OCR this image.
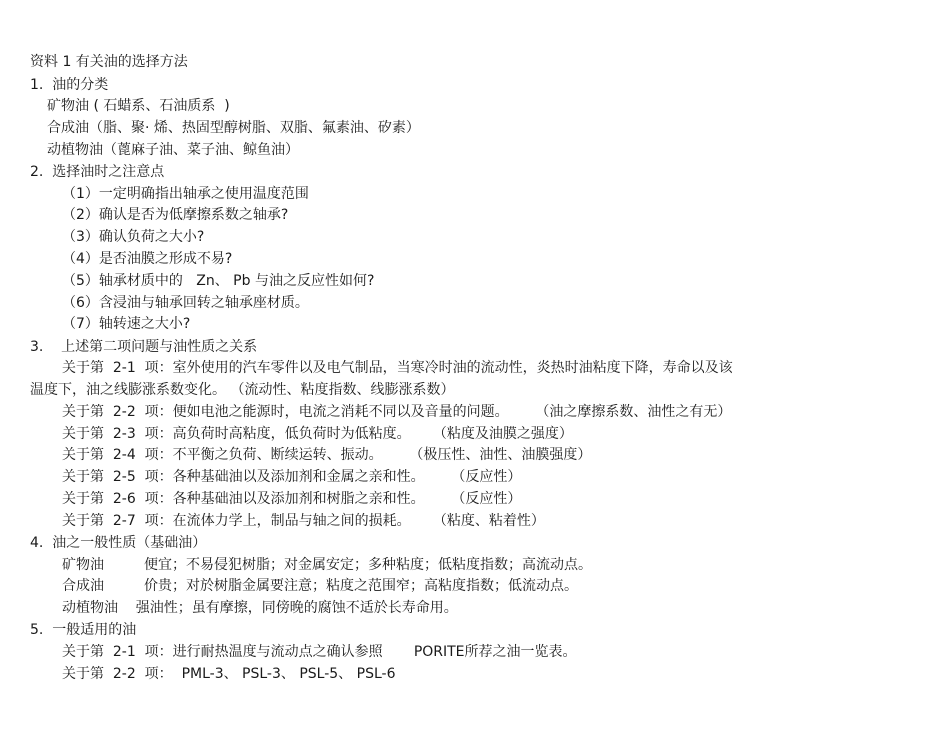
资料 1 有关油的选择方法
1.  油的分类
矿物油 ( 石蜡系、石油质系  )
合成油（脂、聚· 烯、热固型醇树脂、双脂、氟素油、矽素）
动植物油（蓖麻子油、菜子油、鲸鱼油）
2.  选择油时之注意点
（1）一定明确指出轴承之使用温度范围
（2）确认是否为低摩擦系数之轴承?
（3）确认负荷之大小?
（4）是否油膜之形成不易?
（5）轴承材质中的   Zn、 Pb 与油之反应性如何?
（6）含浸油与轴承回转之轴承座材质。
（7）轴转速之大小?
3.    上述第二项问题与油性质之关系
关于第  2-1  项：室外使用的汽车零件以及电气制品，当寒冷时油的流动性，炎热时油粘度下降，寿命以及该
温度下，油之线膨涨系数变化。 （流动性、粘度指数、线膨涨系数）
关于第  2-2  项：便如电池之能源时，电流之消耗不同以及音量的问题。      （油之摩擦系数、油性之有无）
关于第  2-3  项：高负荷时高粘度，低负荷时为低粘度。     （粘度及油膜之强度）
关于第  2-4  项：不平衡之负荷、断续运转、振动。      （极压性、油性、油膜强度）
关于第  2-5  项：各种基础油以及添加剂和金属之亲和性。      （反应性）
关于第  2-6  项：各种基础油以及添加剂和树脂之亲和性。      （反应性）
关于第  2-7  项：在流体力学上，制品与轴之间的损耗。     （粘度、粘着性）
4.  油之一般性质（基础油）
矿物油         便宜；不易侵犯树脂；对金属安定；多种粘度；低粘度指数；高流动点。
合成油         价贵；对於树脂金属要注意；粘度之范围窄；高粘度指数；低流动点。
动植物油    强油性；虽有摩擦，同傍晚的腐蚀不适於长寿命用。
5.  一般适用的油
关于第  2-1  项：进行耐热温度与流动点之确认参照       PORITE所荐之油一览表。
关于第  2-2  项：  PML-3、 PSL-3、 PSL-5、 PSL-6
